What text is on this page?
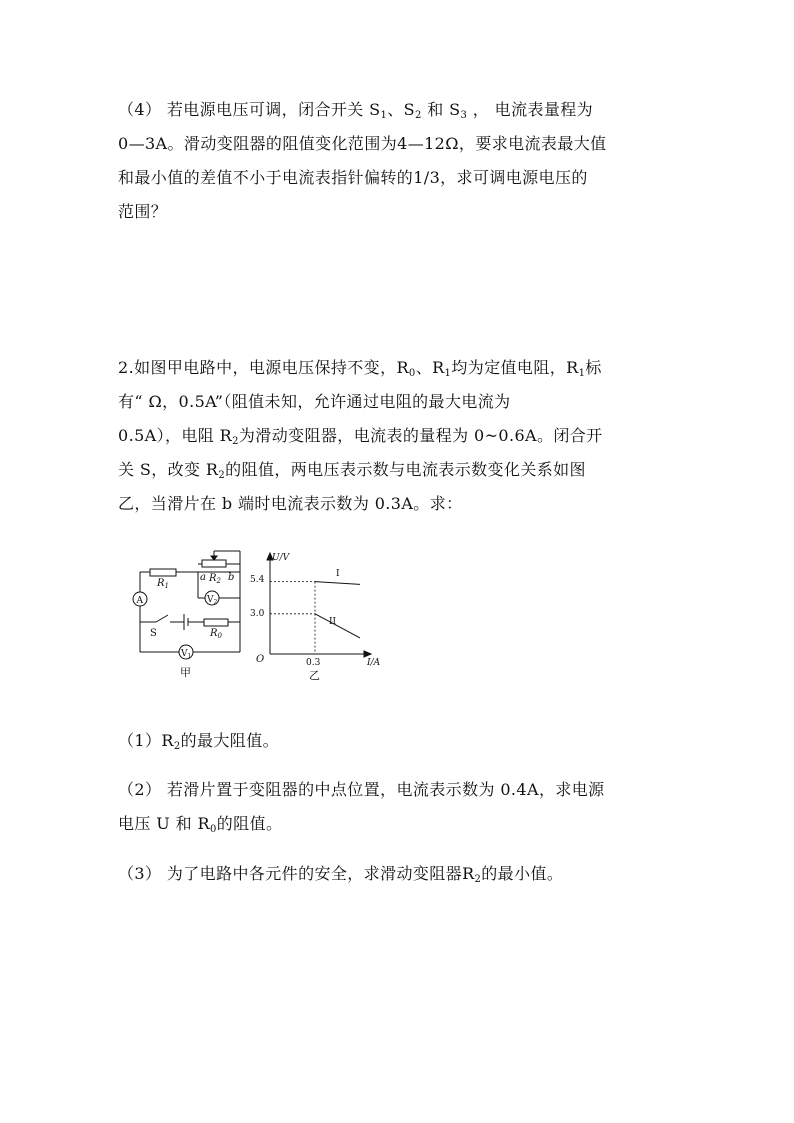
（4） 若电源电压可调，闭合开关 $S_1$、$S_2$ 和 $S_3$ ， 电流表量程为
0—3A。滑动变阻器的阻值变化范围为4—12Ω，要求电流表最大值
和最小值的差值不小于电流表指针偏转的1/3，求可调电源电压的
范围？
2.如图甲电路中，电源电压保持不变，$R_0$、$R_1$均为定值电阻，$R_1$标
有“ Ω，0.5A”（阻值未知，允许通过电阻的最大电流为
0.5A），电阻 $R_2$为滑动变阻器，电流表的量程为 0~0.6A。闭合开
关 S，改变 $R_2$的阻值，两电压表示数与电流表示数变化关系如图
乙，当滑片在 b 端时电流表示数为 0.3A。求：
$R_1$
a $R_2$ b
A	$V_2$
$V_1$
S	$R_0$
甲
U/V
I/A
O
5.4
3.0
0.3
I
II
乙
$(1)R_2$的最大阻值。
（2） 若滑片置于变阻器的中点位置，电流表示数为 0.4A，求电源
电压 U 和 $R_0$的阻值。
（3） 为了电路中各元件的安全，求滑动变阻器$R_2$的最小值。
